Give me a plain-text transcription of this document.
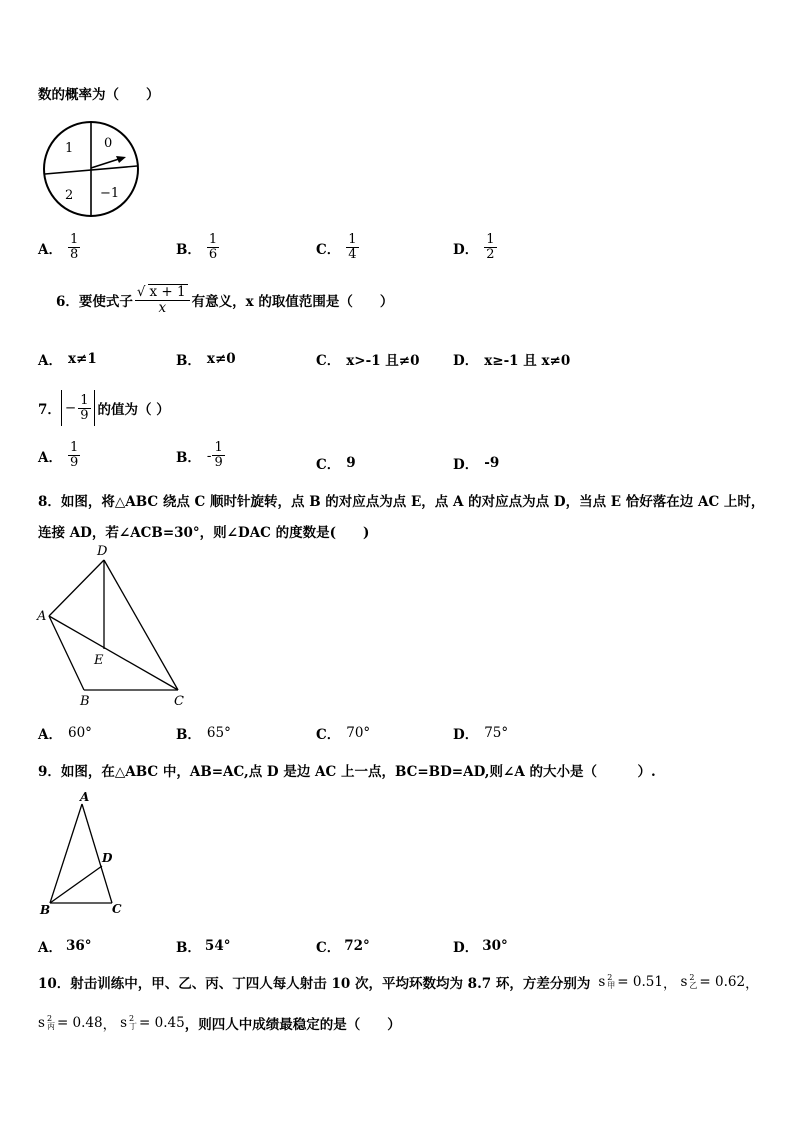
数的概率为（　　）
1 0
2 −1
A． $\frac{1}{8}$	B． $\frac{1}{6}$	C． $\frac{1}{4}$	D． $\frac{1}{2}$
6． 要使式子 $\frac{√ x + 1}{x}$ 有意义，x 的取值范围是（　　）
A． x≠1	B． x≠0	C． x>-1 且≠0 D． x≥-1 且 x≠0
7． − $\frac{1}{9}$ 的值为（ ）
A． $\frac{1}{9}$	B． - $\frac{1}{9}$	C． 9	D． -9
8．如图，将△ABC 绕点 C 顺时针旋转，点 B 的对应点为点 E，点 A 的对应点为点 D，当点 E 恰好落在边 AC 上时，
连接 AD，若∠ACB=30°，则∠DAC 的度数是(　　)
D
A
E
B	C
A． 60°	B． 65°	C． 70°	D． 75°
9．如图，在△ABC 中，AB=AC,点 D 是边 AC 上一点，BC=BD=AD,则∠A 的大小是（　　　）.
A
D
B	C
A． 36°	B． 54°	C． 72°	D． 30°
10．射击训练中，甲、乙、丙、丁四人每人射击 10 次，平均环数均为 8.7 环，方差分别为 s 2
甲 = 0.51 ， s 2
乙 = 0.62 ，
s 2
丙 = 0.48 ， s 2
丁 = 0.45 ，则四人中成绩最稳定的是（　　）
